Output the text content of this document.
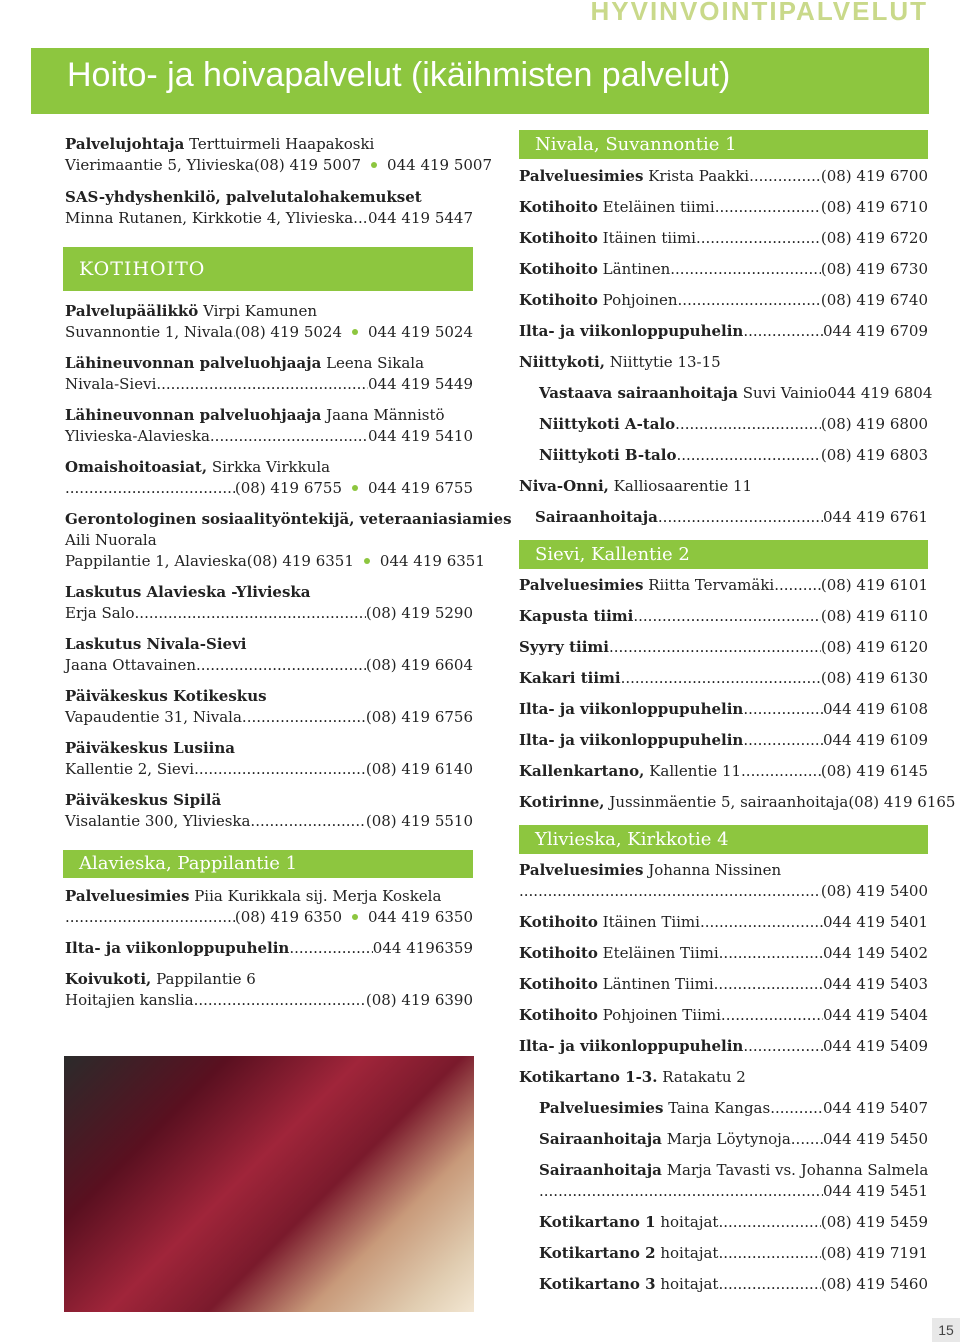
HYVINVOINTIPALVELUT
Hoito- ja hoivapalvelut (ikäihmisten palvelut)
Palvelujohtaja Terttuirmeli Haapakoski
Vierimaantie 5, Ylivieska (08) 419 5007 044 419 5007
SAS-yhdyshenkilö, palvelutalohakemukset
Minna Rutanen, Kirkkotie 4, Ylivieska ..... 044 419 5447
KOTIHOITO
Palvelupäälikkö Virpi Kamunen
Suvannontie 1, Nivala ..... (08) 419 5024 044 419 5024
Lähineuvonnan palveluohjaaja Leena Sikala
Nivala-Sievi .....	044 419 5449
Lähineuvonnan palveluohjaaja Jaana Männistö
Ylivieska-Alavieska .....	044 419 5410
Omaishoitoasiat, Sirkka Virkkula
.....
(08) 419 6755 044 419 6755
Gerontologinen sosiaalityöntekijä, veteraaniasiamies
Aili Nuorala
Pappilantie 1, Alavieska (08) 419 6351 044 419 6351
Laskutus Alavieska -Ylivieska
Erja Salo .....	(08) 419 5290
Laskutus Nivala-Sievi
Jaana Ottavainen .....	(08) 419 6604
Päiväkeskus Kotikeskus
Vapaudentie 31, Nivala .....	(08) 419 6756
Päiväkeskus Lusiina
Kallentie 2, Sievi .....	(08) 419 6140
Päiväkeskus Sipilä
Visalantie 300, Ylivieska .....	(08) 419 5510
Alavieska, Pappilantie 1
Palveluesimies Piia Kurikkala sij. Merja Koskela
.....
(08) 419 6350 044 419 6350
Ilta- ja viikonloppupuhelin .....	044 4196359
Koivukoti, Pappilantie 6
Hoitajien kanslia .....	(08) 419 6390
Nivala, Suvannontie 1
Palveluesimies Krista Paakki .....	(08) 419 6700
Kotihoito Eteläinen tiimi .....	(08) 419 6710
Kotihoito Itäinen tiimi .....	(08) 419 6720
Kotihoito Läntinen .....	(08) 419 6730
Kotihoito Pohjoinen .....	(08) 419 6740
Ilta- ja viikonloppupuhelin .....	044 419 6709
Niittykoti, Niittytie 13-15
Vastaava sairaanhoitaja Suvi Vainio 044 419 6804
Niittykoti A-talo .....	(08) 419 6800
Niittykoti B-talo .....	(08) 419 6803
Niva-Onni, Kalliosaarentie 11
Sairaanhoitaja .....	044 419 6761
Sievi, Kallentie 2
Palveluesimies Riitta Tervamäki .....	(08) 419 6101
Kapusta tiimi .....	(08) 419 6110
Syyry tiimi .....	(08) 419 6120
Kakari tiimi .....	(08) 419 6130
Ilta- ja viikonloppupuhelin .....	044 419 6108
Ilta- ja viikonloppupuhelin .....	044 419 6109
Kallenkartano, Kallentie 11 .....	(08) 419 6145
Kotirinne, Jussinmäentie 5, sairaanhoitaja (08) 419 6165
Ylivieska, Kirkkotie 4
Palveluesimies Johanna Nissinen
.....
(08) 419 5400
Kotihoito Itäinen Tiimi .....	044 419 5401
Kotihoito Eteläinen Tiimi .....	044 149 5402
Kotihoito Läntinen Tiimi .....	044 419 5403
Kotihoito Pohjoinen Tiimi .....	044 419 5404
Ilta- ja viikonloppupuhelin .....	044 419 5409
Kotikartano 1-3. Ratakatu 2
Palveluesimies Taina Kangas .....	044 419 5407
Sairaanhoitaja Marja Löytynoja ..... 044 419 5450
Sairaanhoitaja Marja Tavasti vs. Johanna Salmela
.....
044 419 5451
Kotikartano 1 hoitajat .....	(08) 419 5459
Kotikartano 2 hoitajat .....	(08) 419 7191
Kotikartano 3 hoitajat .....	(08) 419 5460
15
